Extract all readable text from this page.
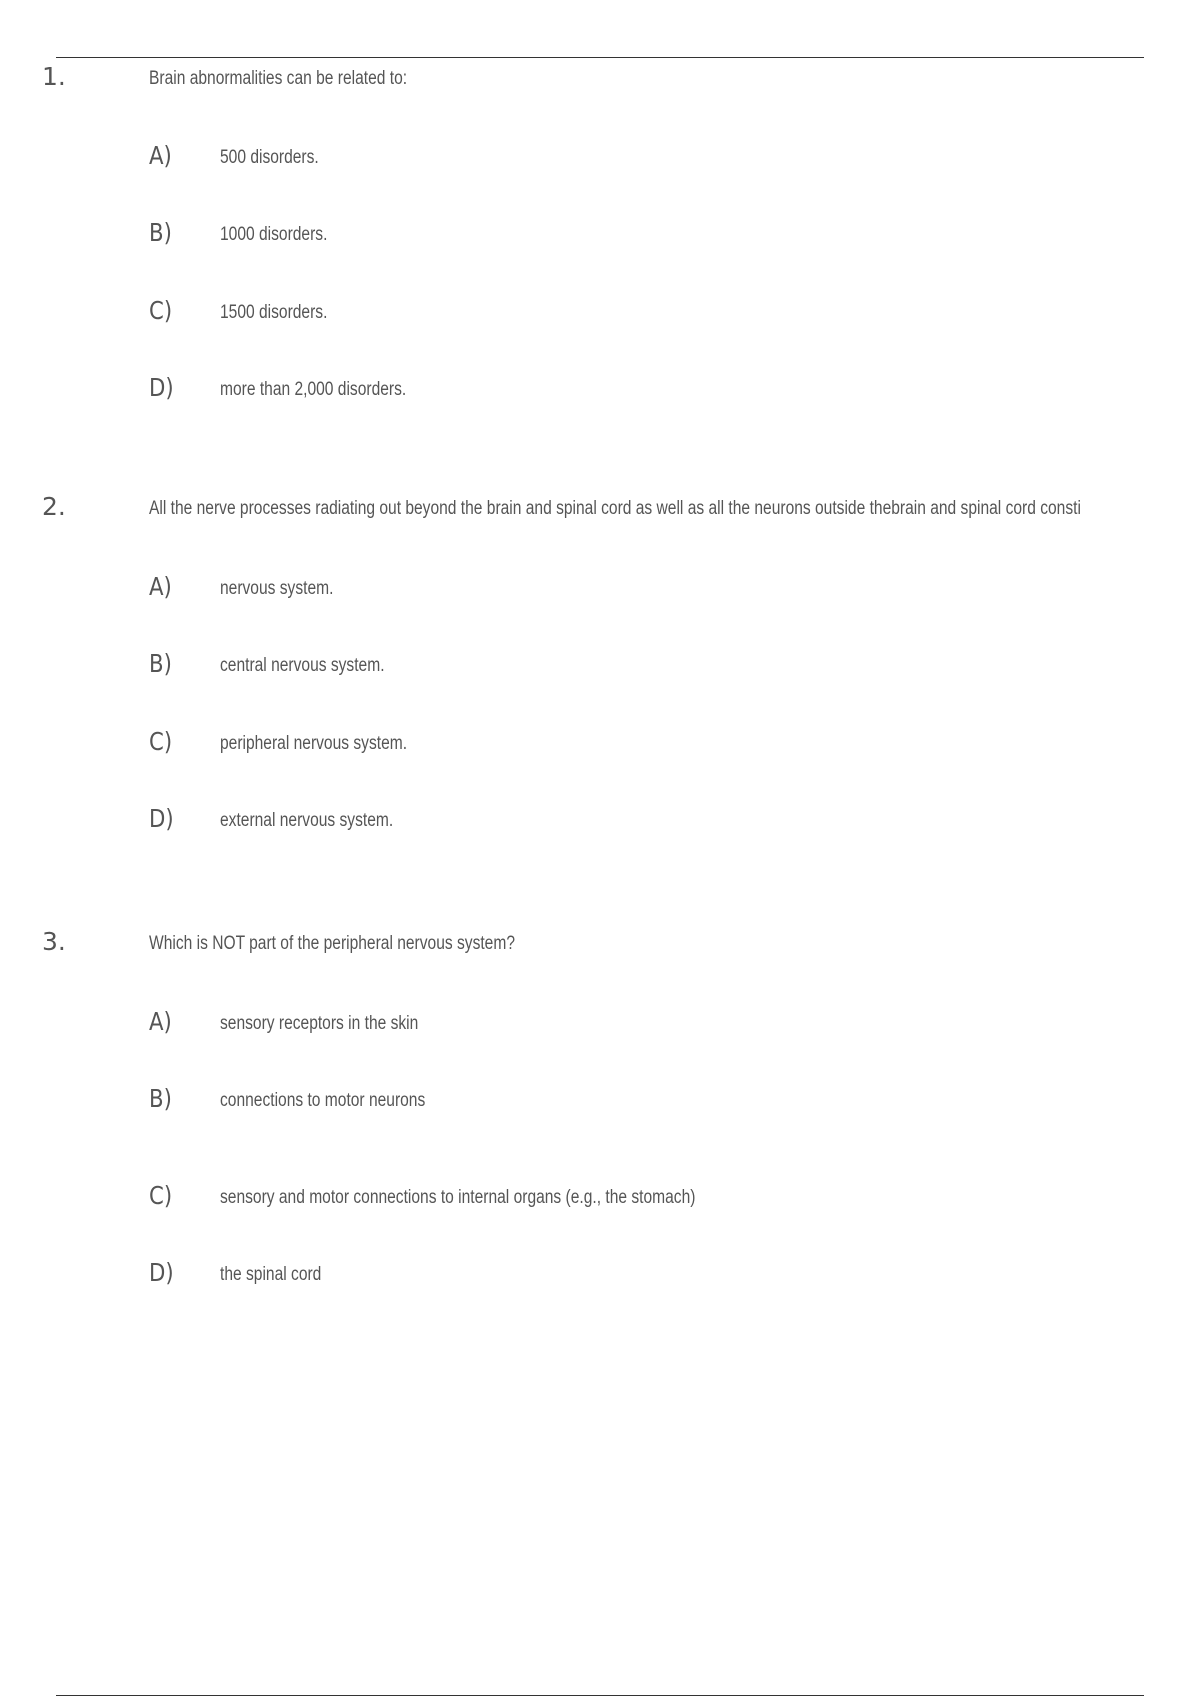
1.	Brain abnormalities can be related to:
A)	500 disorders.
B)	1000 disorders.
C)	1500 disorders.
D) more than 2,000 disorders.
2.	All the nerve processes radiating out beyond the brain and spinal cord as well as all the neurons outside thebrain and spinal cord consti
A)	nervous system.
B)	central nervous system.
C)	peripheral nervous system.
D) external nervous system.
3.	Which is NOT part of the peripheral nervous system?
A)	sensory receptors in the skin
B)	connections to motor neurons
C)	sensory and motor connections to internal organs (e.g., the stomach)
D) the spinal cord
